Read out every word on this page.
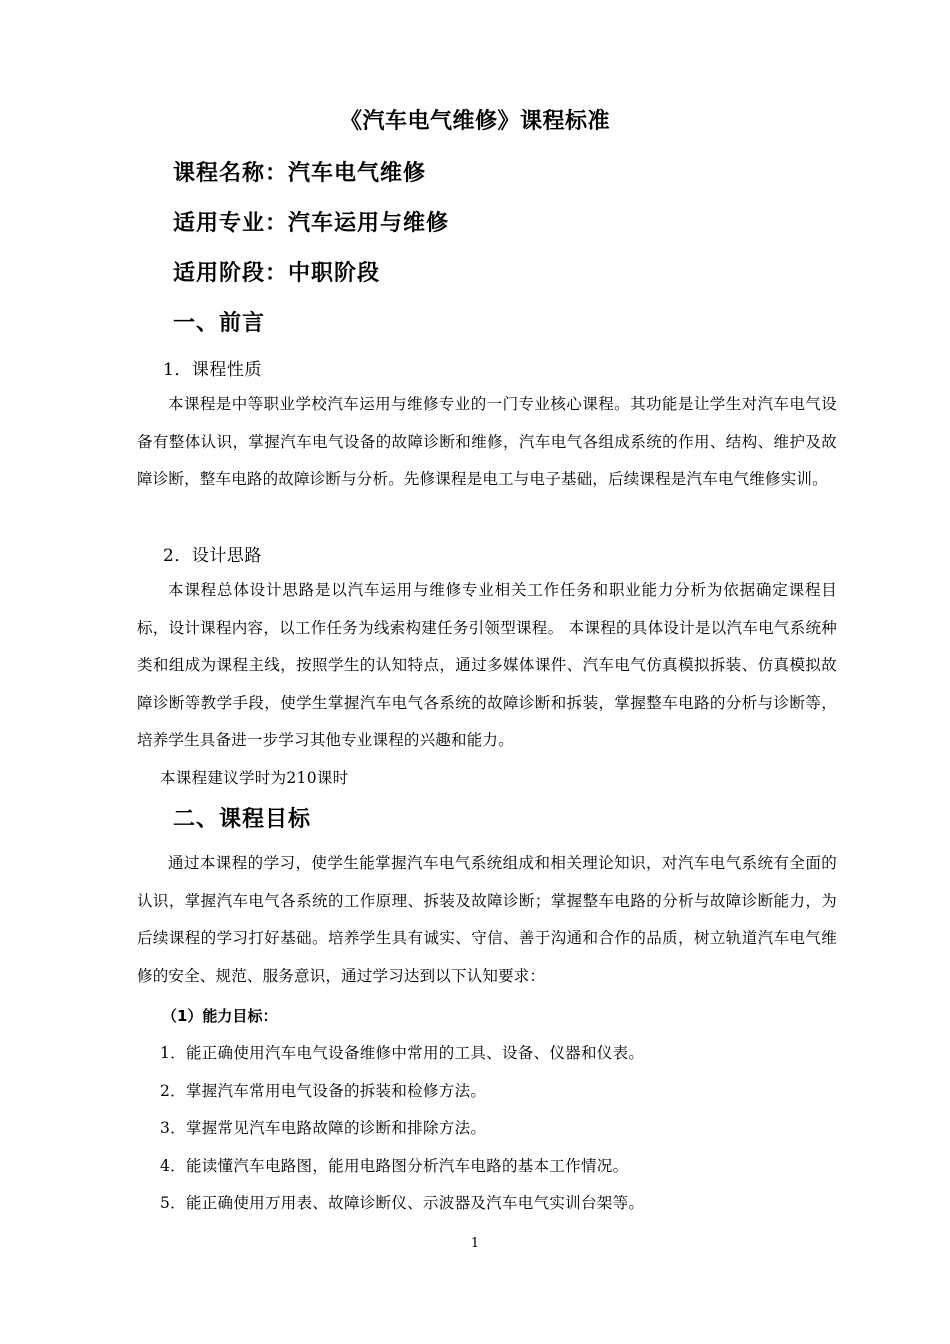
《汽车电气维修》课程标准
课程名称：汽车电气维修
适用专业：汽车运用与维修
适用阶段：中职阶段
一、前言
1．课程性质

本课程是中等职业学校汽车运用与维修专业的一门专业核心课程。其功能是让学生对汽车电气设备有整体认识，掌握汽车电气设备的故障诊断和维修，汽车电气各组成系统的作用、结构、维护及故障诊断，整车电路的故障诊断与分析。先修课程是电工与电子基础，后续课程是汽车电气维修实训。

2．设计思路

本课程总体设计思路是以汽车运用与维修专业相关工作任务和职业能力分析为依据确定课程目标，设计课程内容，以工作任务为线索构建任务引领型课程。 本课程的具体设计是以汽车电气系统种类和组成为课程主线，按照学生的认知特点，通过多媒体课件、汽车电气仿真模拟拆装、仿真模拟故障诊断等教学手段，使学生掌握汽车电气各系统的故障诊断和拆装，掌握整车电路的分析与诊断等，培养学生具备进一步学习其他专业课程的兴趣和能力。

本课程建议学时为210课时
二、课程目标

通过本课程的学习，使学生能掌握汽车电气系统组成和相关理论知识，对汽车电气系统有全面的认识，掌握汽车电气各系统的工作原理、拆装及故障诊断；掌握整车电路的分析与故障诊断能力，为后续课程的学习打好基础。培养学生具有诚实、守信、善于沟通和合作的品质，树立轨道汽车电气维修的安全、规范、服务意识，通过学习达到以下认知要求：

（1）能力目标：
1．能正确使用汽车电气设备维修中常用的工具、设备、仪器和仪表。
2．掌握汽车常用电气设备的拆装和检修方法。
3．掌握常见汽车电路故障的诊断和排除方法。
4．能读懂汽车电路图，能用电路图分析汽车电路的基本工作情况。
5．能正确使用万用表、故障诊断仪、示波器及汽车电气实训台架等。
1
